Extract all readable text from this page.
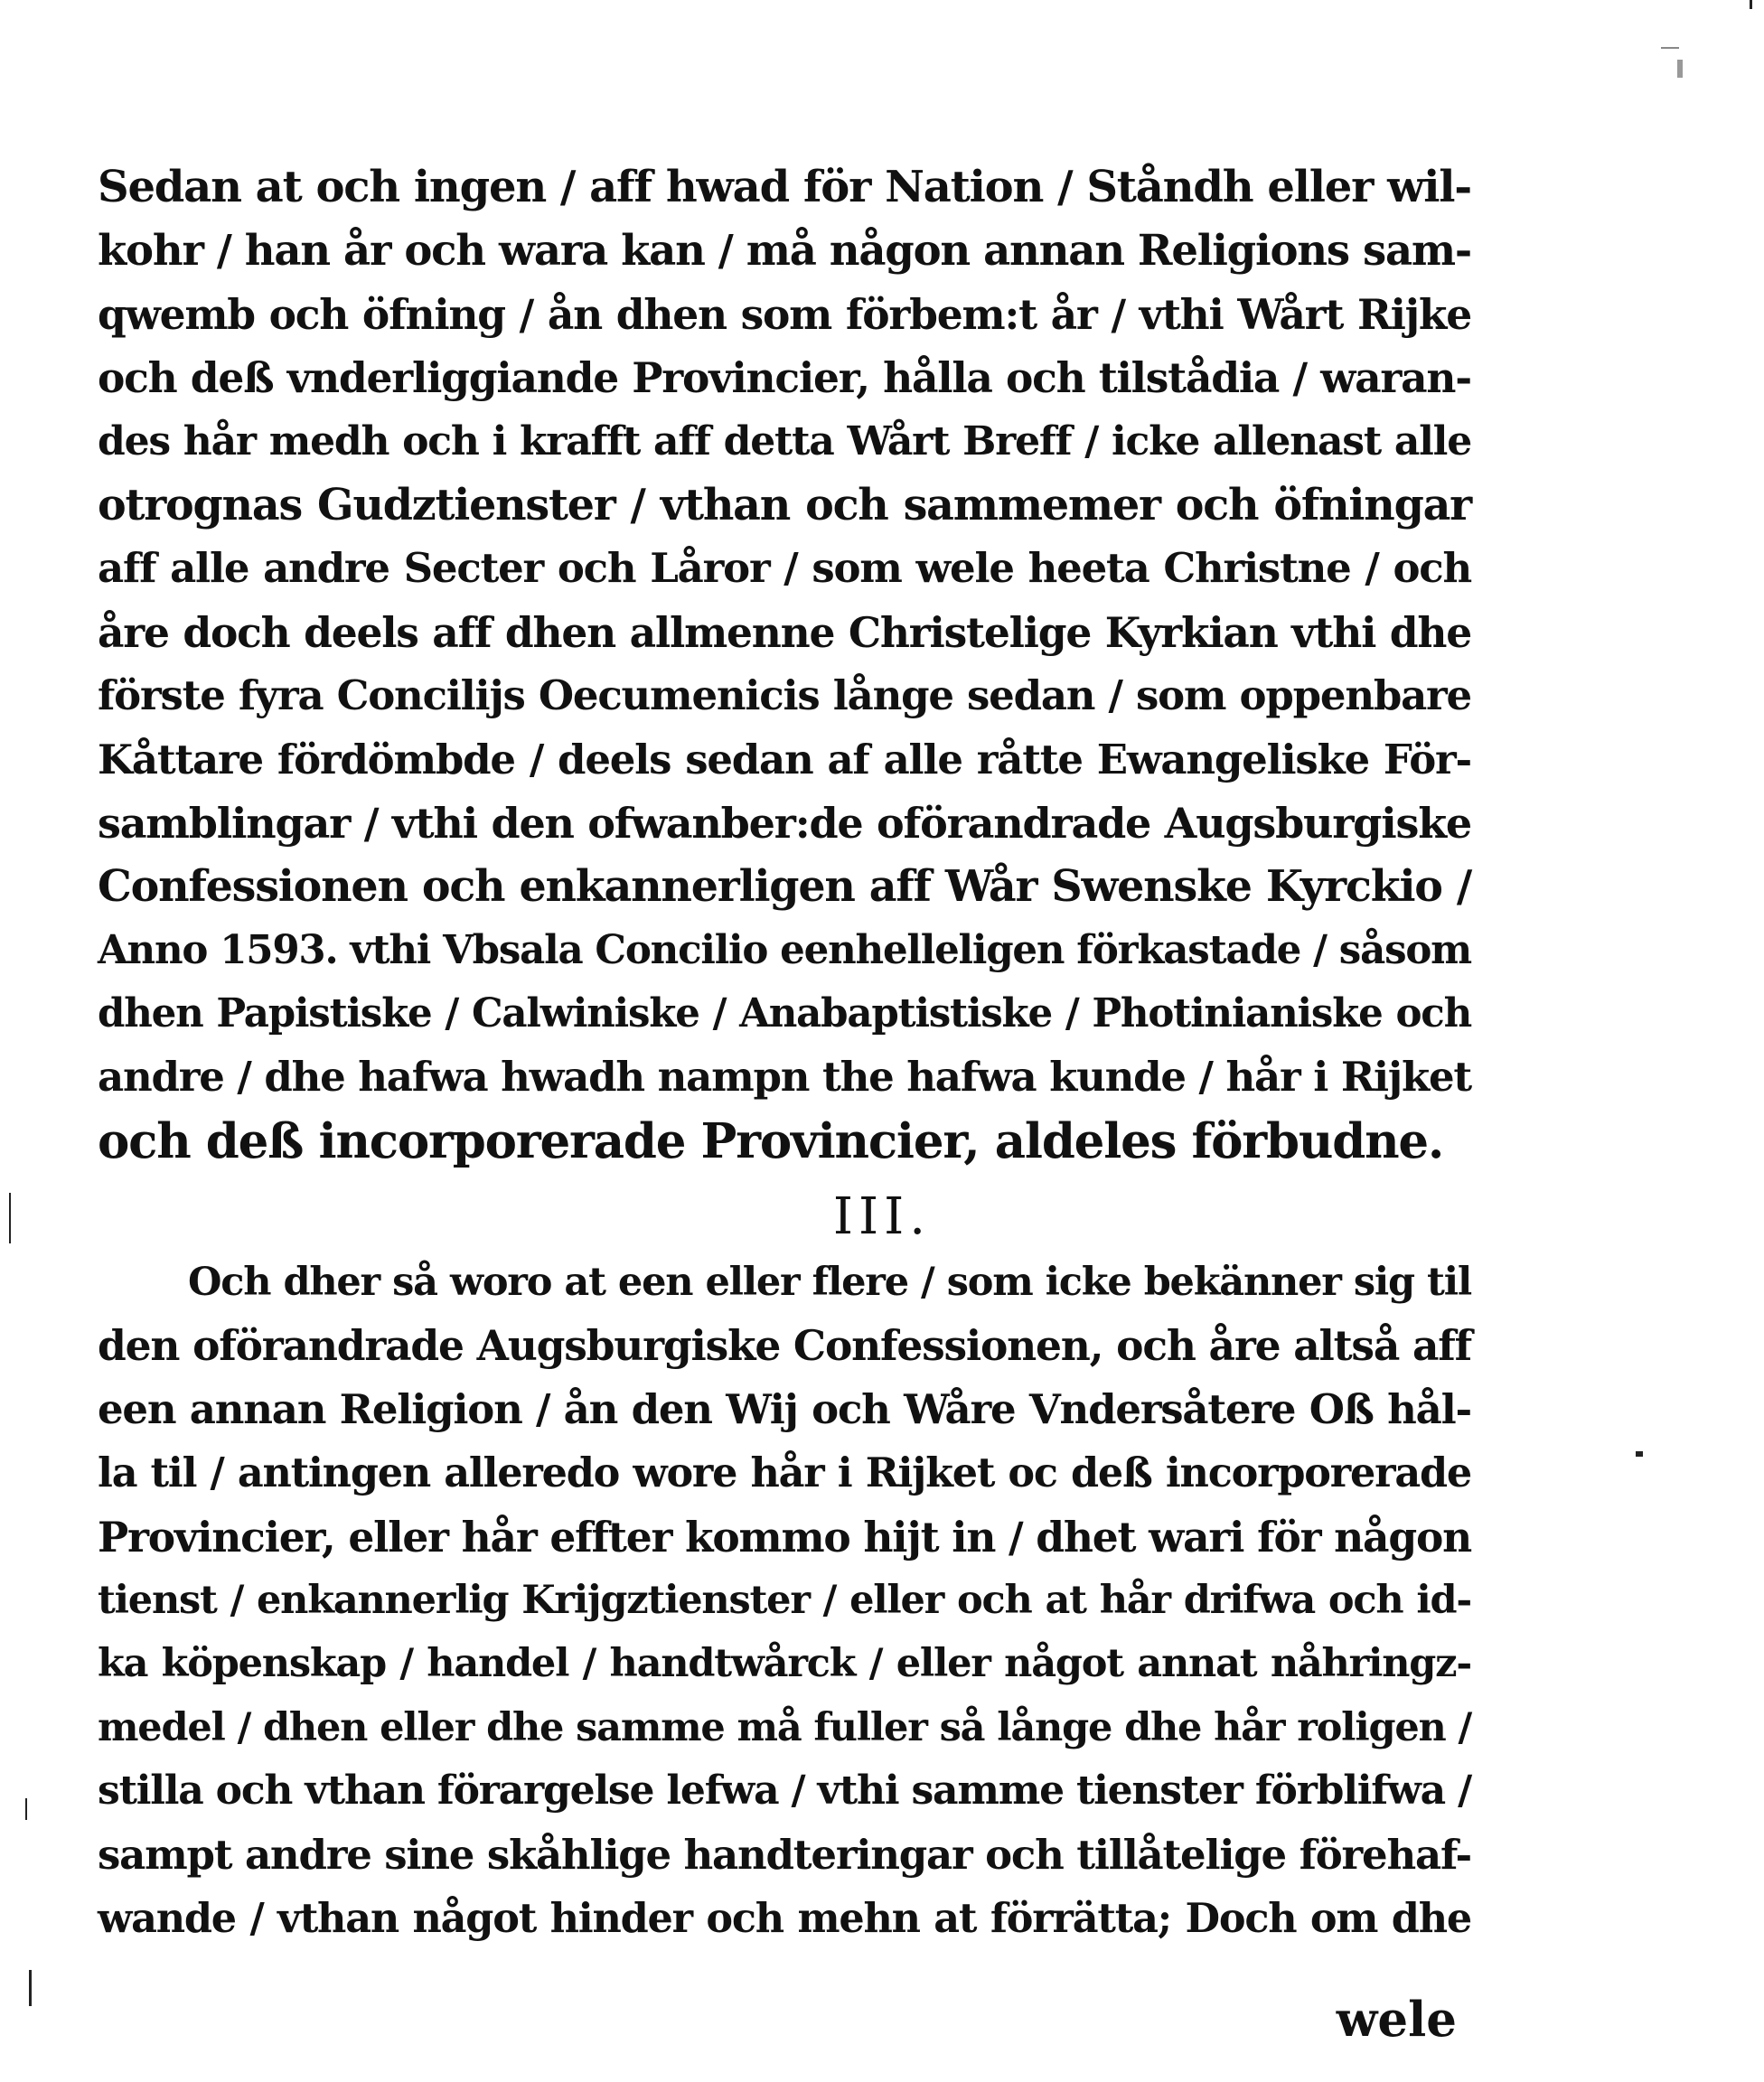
Sedan at och ingen / aff hwad för Nation / Ståndh eller wil-
kohr / han år och wara kan / må någon annan Religions sam-
qwemb och öfning / ån dhen som förbem:t år / vthi Wårt Rijke
och deß vnderliggiande Provincier, hålla och tilstådia / waran-
des hår medh och i krafft aff detta Wårt Breff / icke allenast alle
otrognas Gudztienster / vthan och sammemer och öfningar
aff alle andre Secter och Låror / som wele heeta Christne / och
åre doch deels aff dhen allmenne Christelige Kyrkian vthi dhe
förste fyra Concilijs Oecumenicis långe sedan / som oppenbare
Kåttare fördömbde / deels sedan af alle råtte Ewangeliske För-
samblingar / vthi den ofwanber:de oförandrade Augsburgiske
Confessionen och enkannerligen aff Wår Swenske Kyrckio /
Anno 1593. vthi Vbsala Concilio eenhelleligen förkastade / såsom
dhen Papistiske / Calwiniske / Anabaptistiske / Photinianiske och
andre / dhe hafwa hwadh nampn the hafwa kunde / hår i Rijket
och deß incorporerade Provincier, aldeles förbudne.
III.
Och dher så woro at een eller flere / som icke bekänner sig til
den oförandrade Augsburgiske Confessionen, och åre altså aff
een annan Religion / ån den Wij och Wåre Vndersåtere Oß hål-
la til / antingen alleredo wore hår i Rijket oc deß incorporerade
Provincier, eller hår effter kommo hijt in / dhet wari för någon
tienst / enkannerlig Krijgztienster / eller och at hår drifwa och id-
ka köpenskap / handel / handtwårck / eller något annat nåhringz-
medel / dhen eller dhe samme må fuller så långe dhe hår roligen /
stilla och vthan förargelse lefwa / vthi samme tienster förblifwa /
sampt andre sine skåhlige handteringar och tillåtelige förehaf-
wande / vthan något hinder och mehn at förrätta; Doch om dhe
wele
